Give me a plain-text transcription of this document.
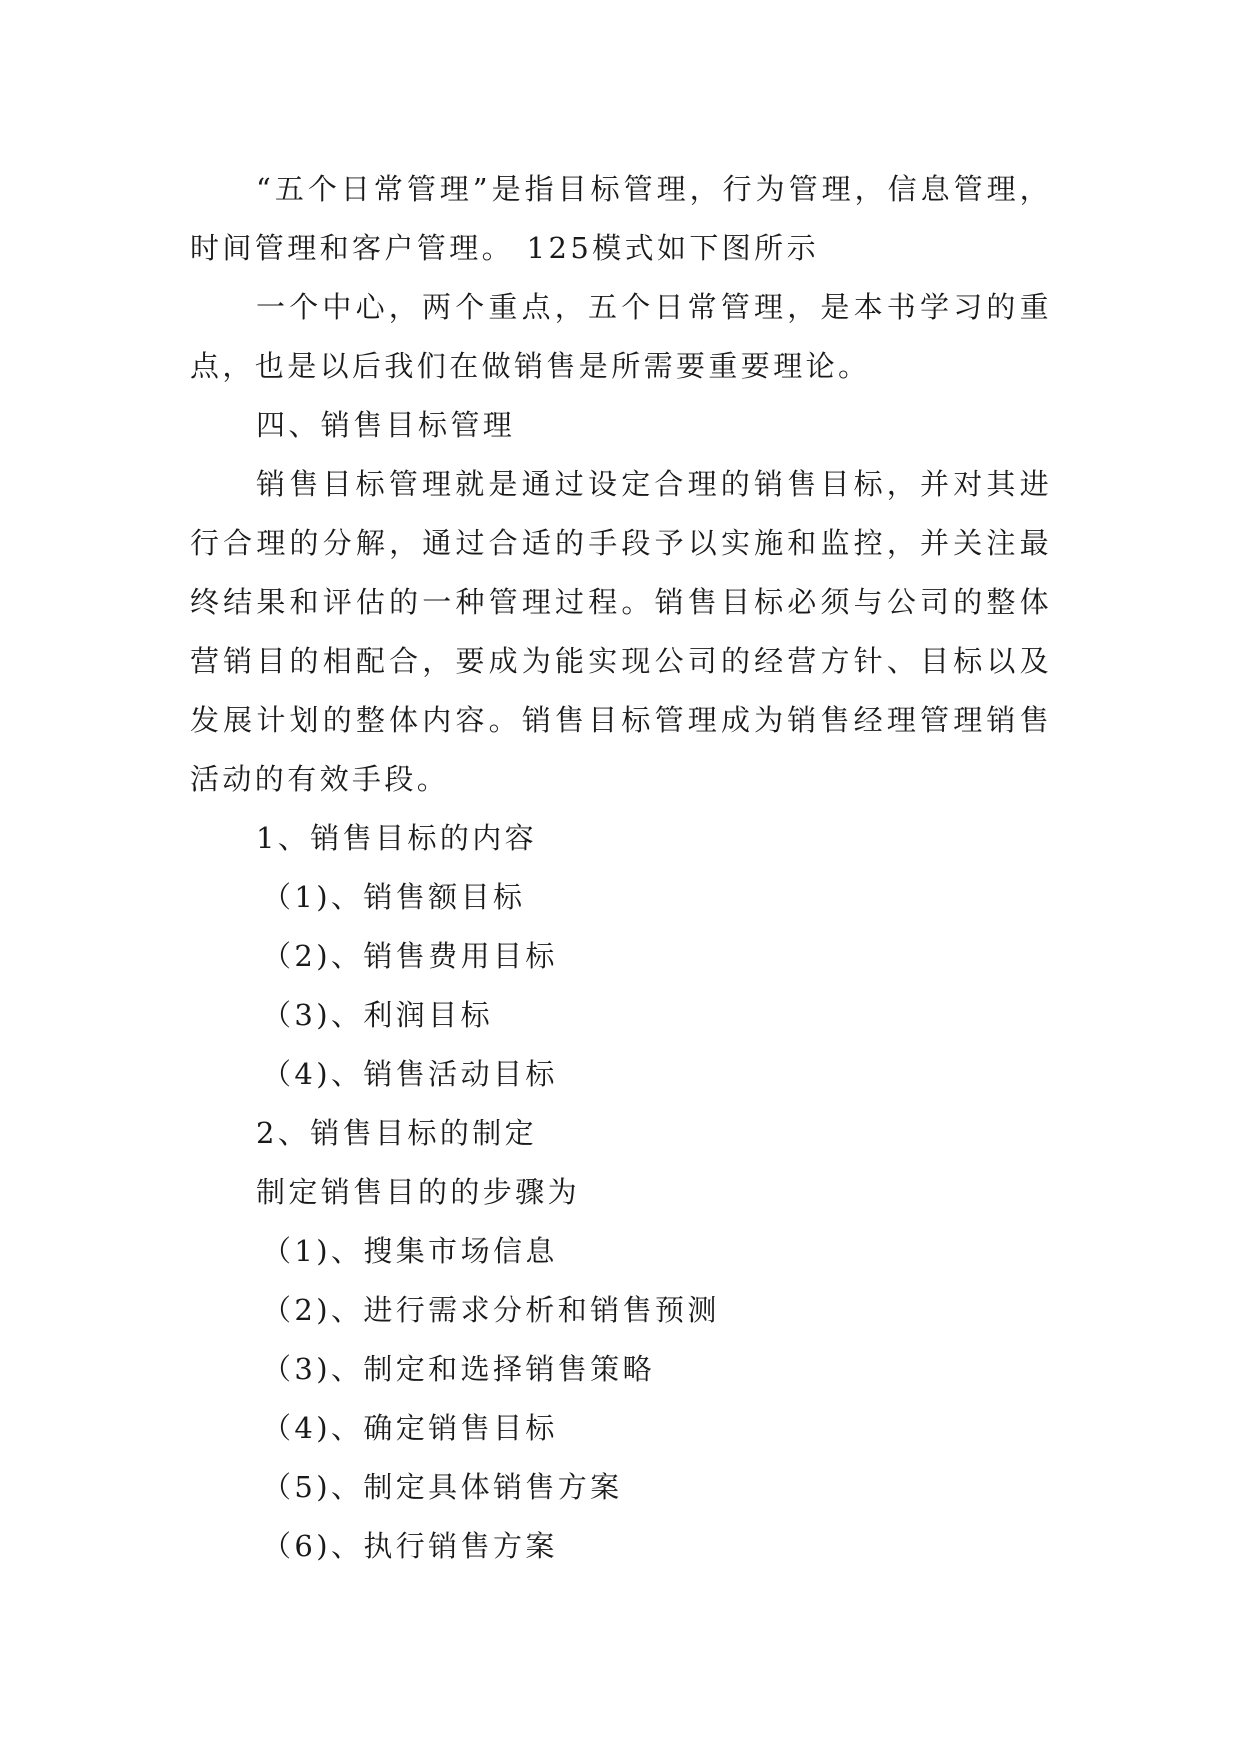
“五个日常管理”是指目标管理，行为管理，信息管理，时间管理和客户管理。 125模式如下图所示

一个中心，两个重点，五个日常管理，是本书学习的重点，也是以后我们在做销售是所需要重要理论。

四、销售目标管理

销售目标管理就是通过设定合理的销售目标，并对其进行合理的分解，通过合适的手段予以实施和监控，并关注最终结果和评估的一种管理过程。销售目标必须与公司的整体营销目的相配合，要成为能实现公司的经营方针、目标以及发展计划的整体内容。销售目标管理成为销售经理管理销售活动的有效手段。

1、销售目标的内容

（1)、销售额目标

（2)、销售费用目标

（3)、利润目标

（4)、销售活动目标

2、销售目标的制定

制定销售目的的步骤为

（1)、搜集市场信息

（2)、进行需求分析和销售预测

（3)、制定和选择销售策略

（4)、确定销售目标

（5)、制定具体销售方案

（6)、执行销售方案
